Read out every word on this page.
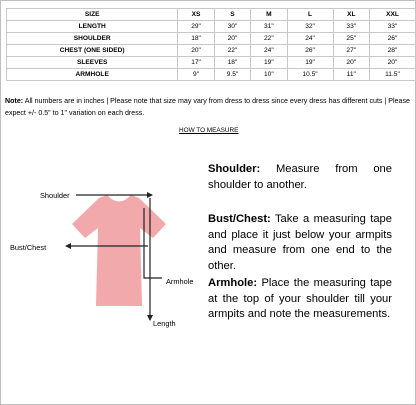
SIZE	XS	S	M	L	XL	XXL
LENGTH	29"	30"	31"	32"	33"	33"
SHOULDER	18"	20"	22"	24"	25"	26"
CHEST (ONE SIDED)	20"	22"	24"	26"	27"	28"
SLEEVES	17"	18"	19"	19"	20"	20"
ARMHOLE	9"	9.5"	10"	10.5"	11"	11.5"
Note: All numbers are in inches | Please note that size may vary from dress to dress since every dress has different cuts | Please expect +/- 0.5" to 1" variation on each dress.
HOW TO MEASURE
Shoulder
Bust/Chest
Armhole
Length
Shoulder: Measure from one shoulder to another.
Bust/Chest: Take a measuring tape and place it just below your armpits and measure from one end to the other.
Armhole: Place the measuring tape at the top of your shoulder till your armpits and note the measurements.
